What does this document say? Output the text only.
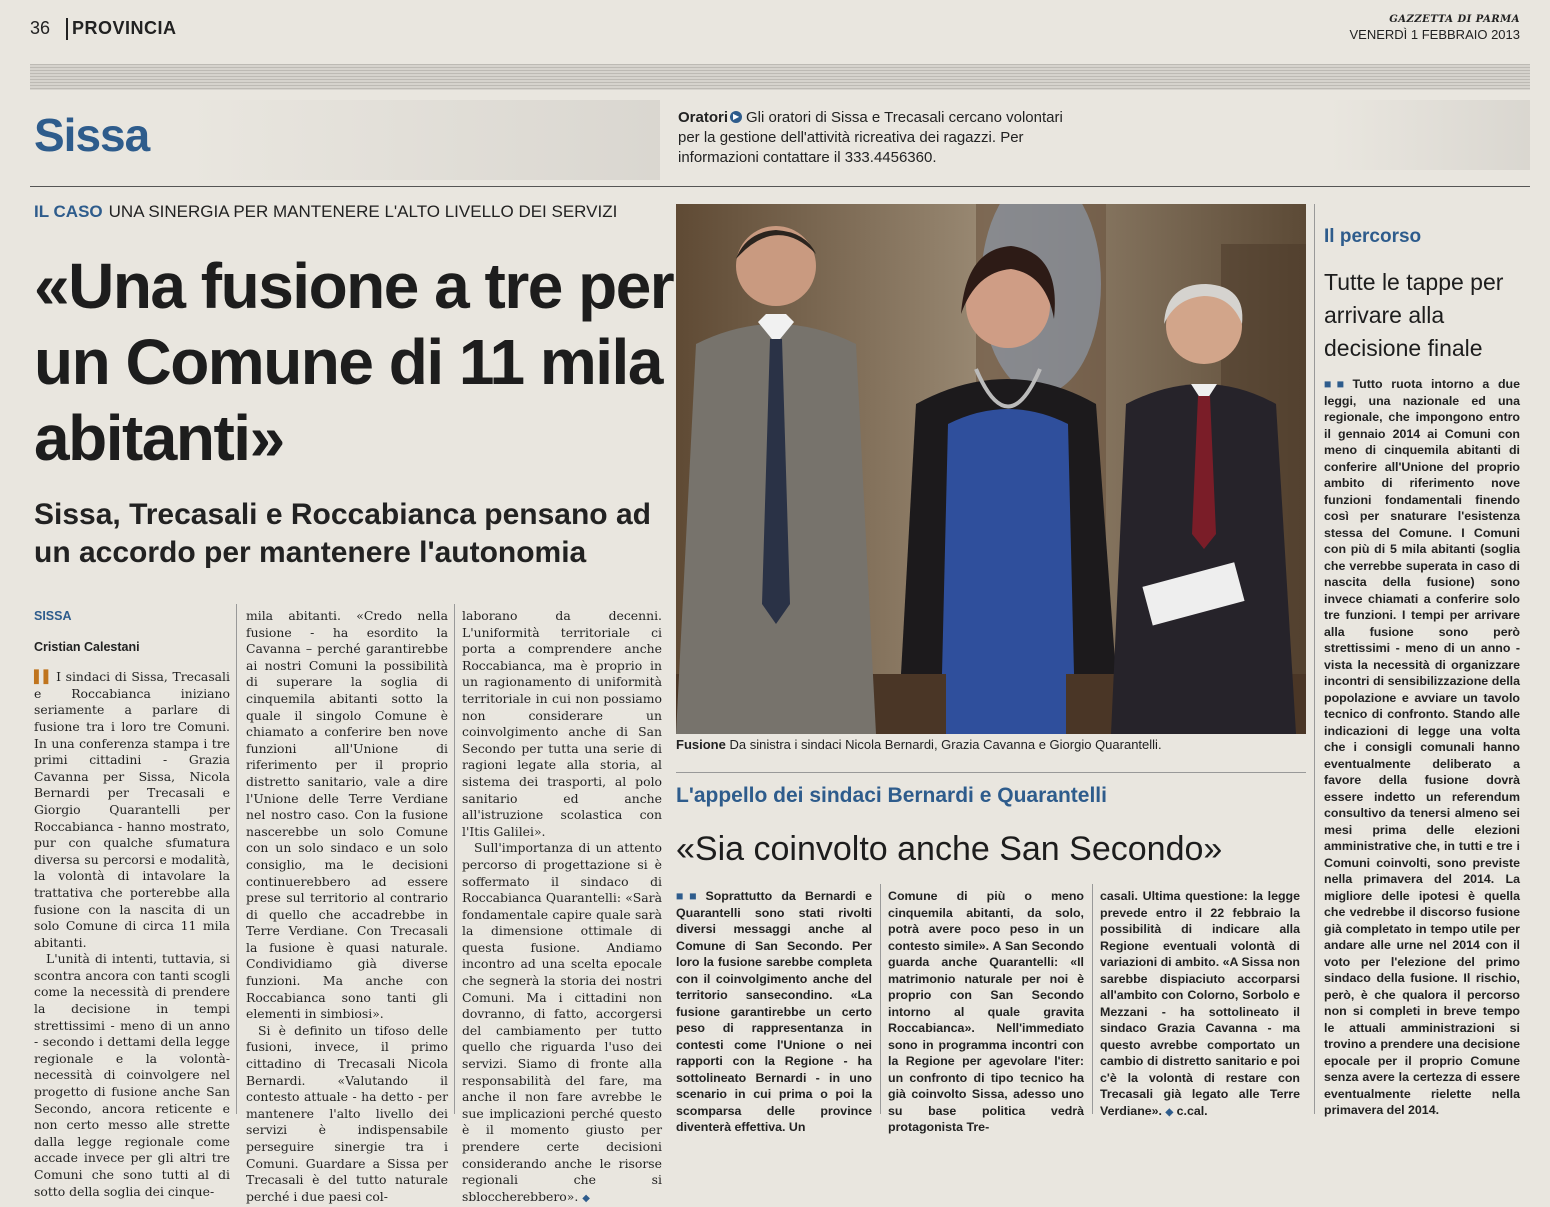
36 PROVINCIA	GAZZETTA DI PARMA
VENERDÌ 1 FEBBRAIO 2013
Sissa	Oratori ▶ Gli oratori di Sissa e Trecasali cercano volontari per la gestione dell'attività ricreativa dei ragazzi. Per informazioni contattare il 333.4456360.
IL CASO UNA SINERGIA PER MANTENERE L'ALTO LIVELLO DEI SERVIZI
«Una fusione a tre per un Comune di 11 mila abitanti»
Sissa, Trecasali e Roccabianca pensano ad un accordo per mantenere l'autonomia
SISSA
Cristian Calestani

▌▌ I sindaci di Sissa, Trecasali e Roccabianca iniziano seriamente a parlare di fusione tra i loro tre Comuni. In una conferenza stampa i tre primi cittadini - Grazia Cavanna per Sissa, Nicola Bernardi per Trecasali e Giorgio Quarantelli per Roccabianca - hanno mostrato, pur con qualche sfumatura diversa su percorsi e modalità, la volontà di intavolare la trattativa che porterebbe alla fusione con la nascita di un solo Comune di circa 11 mila abitanti.

L'unità di intenti, tuttavia, si scontra ancora con tanti scogli come la necessità di prendere la decisione in tempi strettissimi - meno di un anno - secondo i dettami della legge regionale e la volontà-necessità di coinvolgere nel progetto di fusione anche San Secondo, ancora reticente e non certo messo alle strette dalla legge regionale come accade invece per gli altri tre Comuni che sono tutti al di sotto della soglia dei cinque-

mila abitanti. «Credo nella fusione - ha esordito la Cavanna – perché garantirebbe ai nostri Comuni la possibilità di superare la soglia di cinquemila abitanti sotto la quale il singolo Comune è chiamato a conferire ben nove funzioni all'Unione di riferimento per il proprio distretto sanitario, vale a dire l'Unione delle Terre Verdiane nel nostro caso. Con la fusione nascerebbe un solo Comune con un solo sindaco e un solo consiglio, ma le decisioni continuerebbero ad essere prese sul territorio al contrario di quello che accadrebbe in Terre Verdiane. Con Trecasali la fusione è quasi naturale. Condividiamo già diverse funzioni. Ma anche con Roccabianca sono tanti gli elementi in simbiosi».

Si è definito un tifoso delle fusioni, invece, il primo cittadino di Trecasali Nicola Bernardi. «Valutando il contesto attuale - ha detto - per mantenere l'alto livello dei servizi è indispensabile perseguire sinergie tra i Comuni. Guardare a Sissa per Trecasali è del tutto naturale perché i due paesi col-

laborano da decenni. L'uniformità territoriale ci porta a comprendere anche Roccabianca, ma è proprio in un ragionamento di uniformità territoriale in cui non possiamo non considerare un coinvolgimento anche di San Secondo per tutta una serie di ragioni legate alla storia, al sistema dei trasporti, al polo sanitario ed anche all'istruzione scolastica con l'Itis Galilei».

Sull'importanza di un attento percorso di progettazione si è soffermato il sindaco di Roccabianca Quarantelli: «Sarà fondamentale capire quale sarà la dimensione ottimale di questa fusione. Andiamo incontro ad una scelta epocale che segnerà la storia dei nostri Comuni. Ma i cittadini non dovranno, di fatto, accorgersi del cambiamento per tutto quello che riguarda l'uso dei servizi. Siamo di fronte alla responsabilità del fare, ma anche il non fare avrebbe le sue implicazioni perché questo è il momento giusto per prendere certe decisioni considerando anche le risorse regionali che si sbloccherebbero». ◆

Fusione Da sinistra i sindaci Nicola Bernardi, Grazia Cavanna e Giorgio Quarantelli.
L'appello dei sindaci Bernardi e Quarantelli
«Sia coinvolto anche San Secondo»

■■ Soprattutto da Bernardi e Quarantelli sono stati rivolti diversi messaggi anche al Comune di San Secondo. Per loro la fusione sarebbe completa con il coinvolgimento anche del territorio sansecondino. «La fusione garantirebbe un certo peso di rappresentanza in contesti come l'Unione o nei rapporti con la Regione - ha sottolineato Bernardi - in uno scenario in cui prima o poi la scomparsa delle province diventerà effettiva. Un

Comune di più o meno cinquemila abitanti, da solo, potrà avere poco peso in un contesto simile». A San Secondo guarda anche Quarantelli: «Il matrimonio naturale per noi è proprio con San Secondo intorno al quale gravita Roccabianca». Nell'immediato sono in programma incontri con la Regione per agevolare l'iter: un confronto di tipo tecnico ha già coinvolto Sissa, adesso uno su base politica vedrà protagonista Tre-

casali. Ultima questione: la legge prevede entro il 22 febbraio la possibilità di indicare alla Regione eventuali volontà di variazioni di ambito. «A Sissa non sarebbe dispiaciuto accorparsi all'ambito con Colorno, Sorbolo e Mezzani - ha sottolineato il sindaco Grazia Cavanna - ma questo avrebbe comportato un cambio di distretto sanitario e poi c'è la volontà di restare con Trecasali già legato alle Terre Verdiane». ◆ c.cal.

Il percorso
Tutte le tappe per arrivare alla decisione finale

■■ Tutto ruota intorno a due leggi, una nazionale ed una regionale, che impongono entro il gennaio 2014 ai Comuni con meno di cinquemila abitanti di conferire all'Unione del proprio ambito di riferimento nove funzioni fondamentali finendo così per snaturare l'esistenza stessa del Comune. I Comuni con più di 5 mila abitanti (soglia che verrebbe superata in caso di nascita della fusione) sono invece chiamati a conferire solo tre funzioni. I tempi per arrivare alla fusione sono però strettissimi - meno di un anno - vista la necessità di organizzare incontri di sensibilizzazione della popolazione e avviare un tavolo tecnico di confronto. Stando alle indicazioni di legge una volta che i consigli comunali hanno eventualmente deliberato a favore della fusione dovrà essere indetto un referendum consultivo da tenersi almeno sei mesi prima delle elezioni amministrative che, in tutti e tre i Comuni coinvolti, sono previste nella primavera del 2014. La migliore delle ipotesi è quella che vedrebbe il discorso fusione già completato in tempo utile per andare alle urne nel 2014 con il voto per l'elezione del primo sindaco della fusione. Il rischio, però, è che qualora il percorso non si completi in breve tempo le attuali amministrazioni si trovino a prendere una decisione epocale per il proprio Comune senza avere la certezza di essere eventualmente rielette nella primavera del 2014.
